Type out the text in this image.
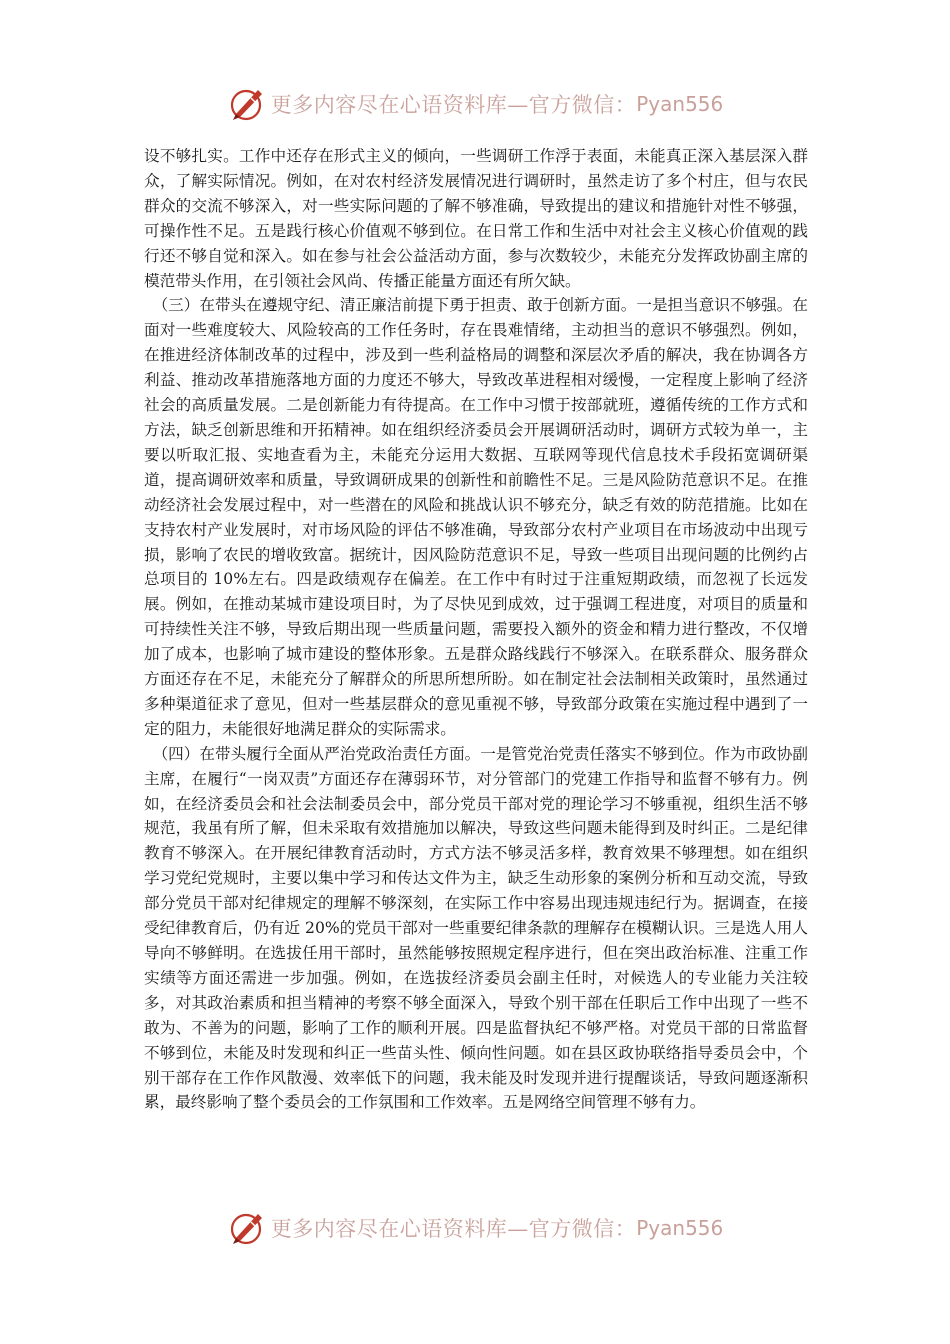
更多内容尽在心语资料库—官方微信： Pyan556

设不够扎实。工作中还存在形式主义的倾向，一些调研工作浮于表面，未能真正深入基层深入群众，了解实际情况。例如，在对农村经济发展情况进行调研时，虽然走访了多个村庄，但与农民群众的交流不够深入，对一些实际问题的了解不够准确，导致提出的建议和措施针对性不够强，可操作性不足。五是践行核心价值观不够到位。在日常工作和生活中对社会主义核心价值观的践行还不够自觉和深入。如在参与社会公益活动方面，参与次数较少，未能充分发挥政协副主席的模范带头作用，在引领社会风尚、传播正能量方面还有所欠缺。

（三）在带头在遵规守纪、清正廉洁前提下勇于担责、敢于创新方面。一是担当意识不够强。在面对一些难度较大、风险较高的工作任务时，存在畏难情绪，主动担当的意识不够强烈。例如，在推进经济体制改革的过程中，涉及到一些利益格局的调整和深层次矛盾的解决，我在协调各方利益、推动改革措施落地方面的力度还不够大，导致改革进程相对缓慢，一定程度上影响了经济社会的高质量发展。二是创新能力有待提高。在工作中习惯于按部就班，遵循传统的工作方式和方法，缺乏创新思维和开拓精神。如在组织经济委员会开展调研活动时，调研方式较为单一，主要以听取汇报、实地查看为主，未能充分运用大数据、互联网等现代信息技术手段拓宽调研渠道，提高调研效率和质量，导致调研成果的创新性和前瞻性不足。三是风险防范意识不足。在推动经济社会发展过程中，对一些潜在的风险和挑战认识不够充分，缺乏有效的防范措施。比如在支持农村产业发展时，对市场风险的评估不够准确，导致部分农村产业项目在市场波动中出现亏损，影响了农民的增收致富。据统计，因风险防范意识不足，导致一些项目出现问题的比例约占总项目的 10%左右。四是政绩观存在偏差。在工作中有时过于注重短期政绩，而忽视了长远发展。例如，在推动某城市建设项目时，为了尽快见到成效，过于强调工程进度，对项目的质量和可持续性关注不够，导致后期出现一些质量问题，需要投入额外的资金和精力进行整改，不仅增加了成本，也影响了城市建设的整体形象。五是群众路线践行不够深入。在联系群众、服务群众方面还存在不足，未能充分了解群众的所思所想所盼。如在制定社会法制相关政策时，虽然通过多种渠道征求了意见，但对一些基层群众的意见重视不够，导致部分政策在实施过程中遇到了一定的阻力，未能很好地满足群众的实际需求。

（四）在带头履行全面从严治党政治责任方面。一是管党治党责任落实不够到位。作为市政协副主席，在履行“一岗双责”方面还存在薄弱环节，对分管部门的党建工作指导和监督不够有力。例如，在经济委员会和社会法制委员会中，部分党员干部对党的理论学习不够重视，组织生活不够规范，我虽有所了解，但未采取有效措施加以解决，导致这些问题未能得到及时纠正。二是纪律教育不够深入。在开展纪律教育活动时，方式方法不够灵活多样，教育效果不够理想。如在组织学习党纪党规时，主要以集中学习和传达文件为主，缺乏生动形象的案例分析和互动交流，导致部分党员干部对纪律规定的理解不够深刻，在实际工作中容易出现违规违纪行为。据调查，在接受纪律教育后，仍有近 20%的党员干部对一些重要纪律条款的理解存在模糊认识。三是选人用人导向不够鲜明。在选拔任用干部时，虽然能够按照规定程序进行，但在突出政治标准、注重工作实绩等方面还需进一步加强。例如，在选拔经济委员会副主任时，对候选人的专业能力关注较多，对其政治素质和担当精神的考察不够全面深入，导致个别干部在任职后工作中出现了一些不敢为、不善为的问题，影响了工作的顺利开展。四是监督执纪不够严格。对党员干部的日常监督不够到位，未能及时发现和纠正一些苗头性、倾向性问题。如在县区政协联络指导委员会中，个别干部存在工作作风散漫、效率低下的问题，我未能及时发现并进行提醒谈话，导致问题逐渐积累，最终影响了整个委员会的工作氛围和工作效率。五是网络空间管理不够有力。

更多内容尽在心语资料库—官方微信： Pyan556
